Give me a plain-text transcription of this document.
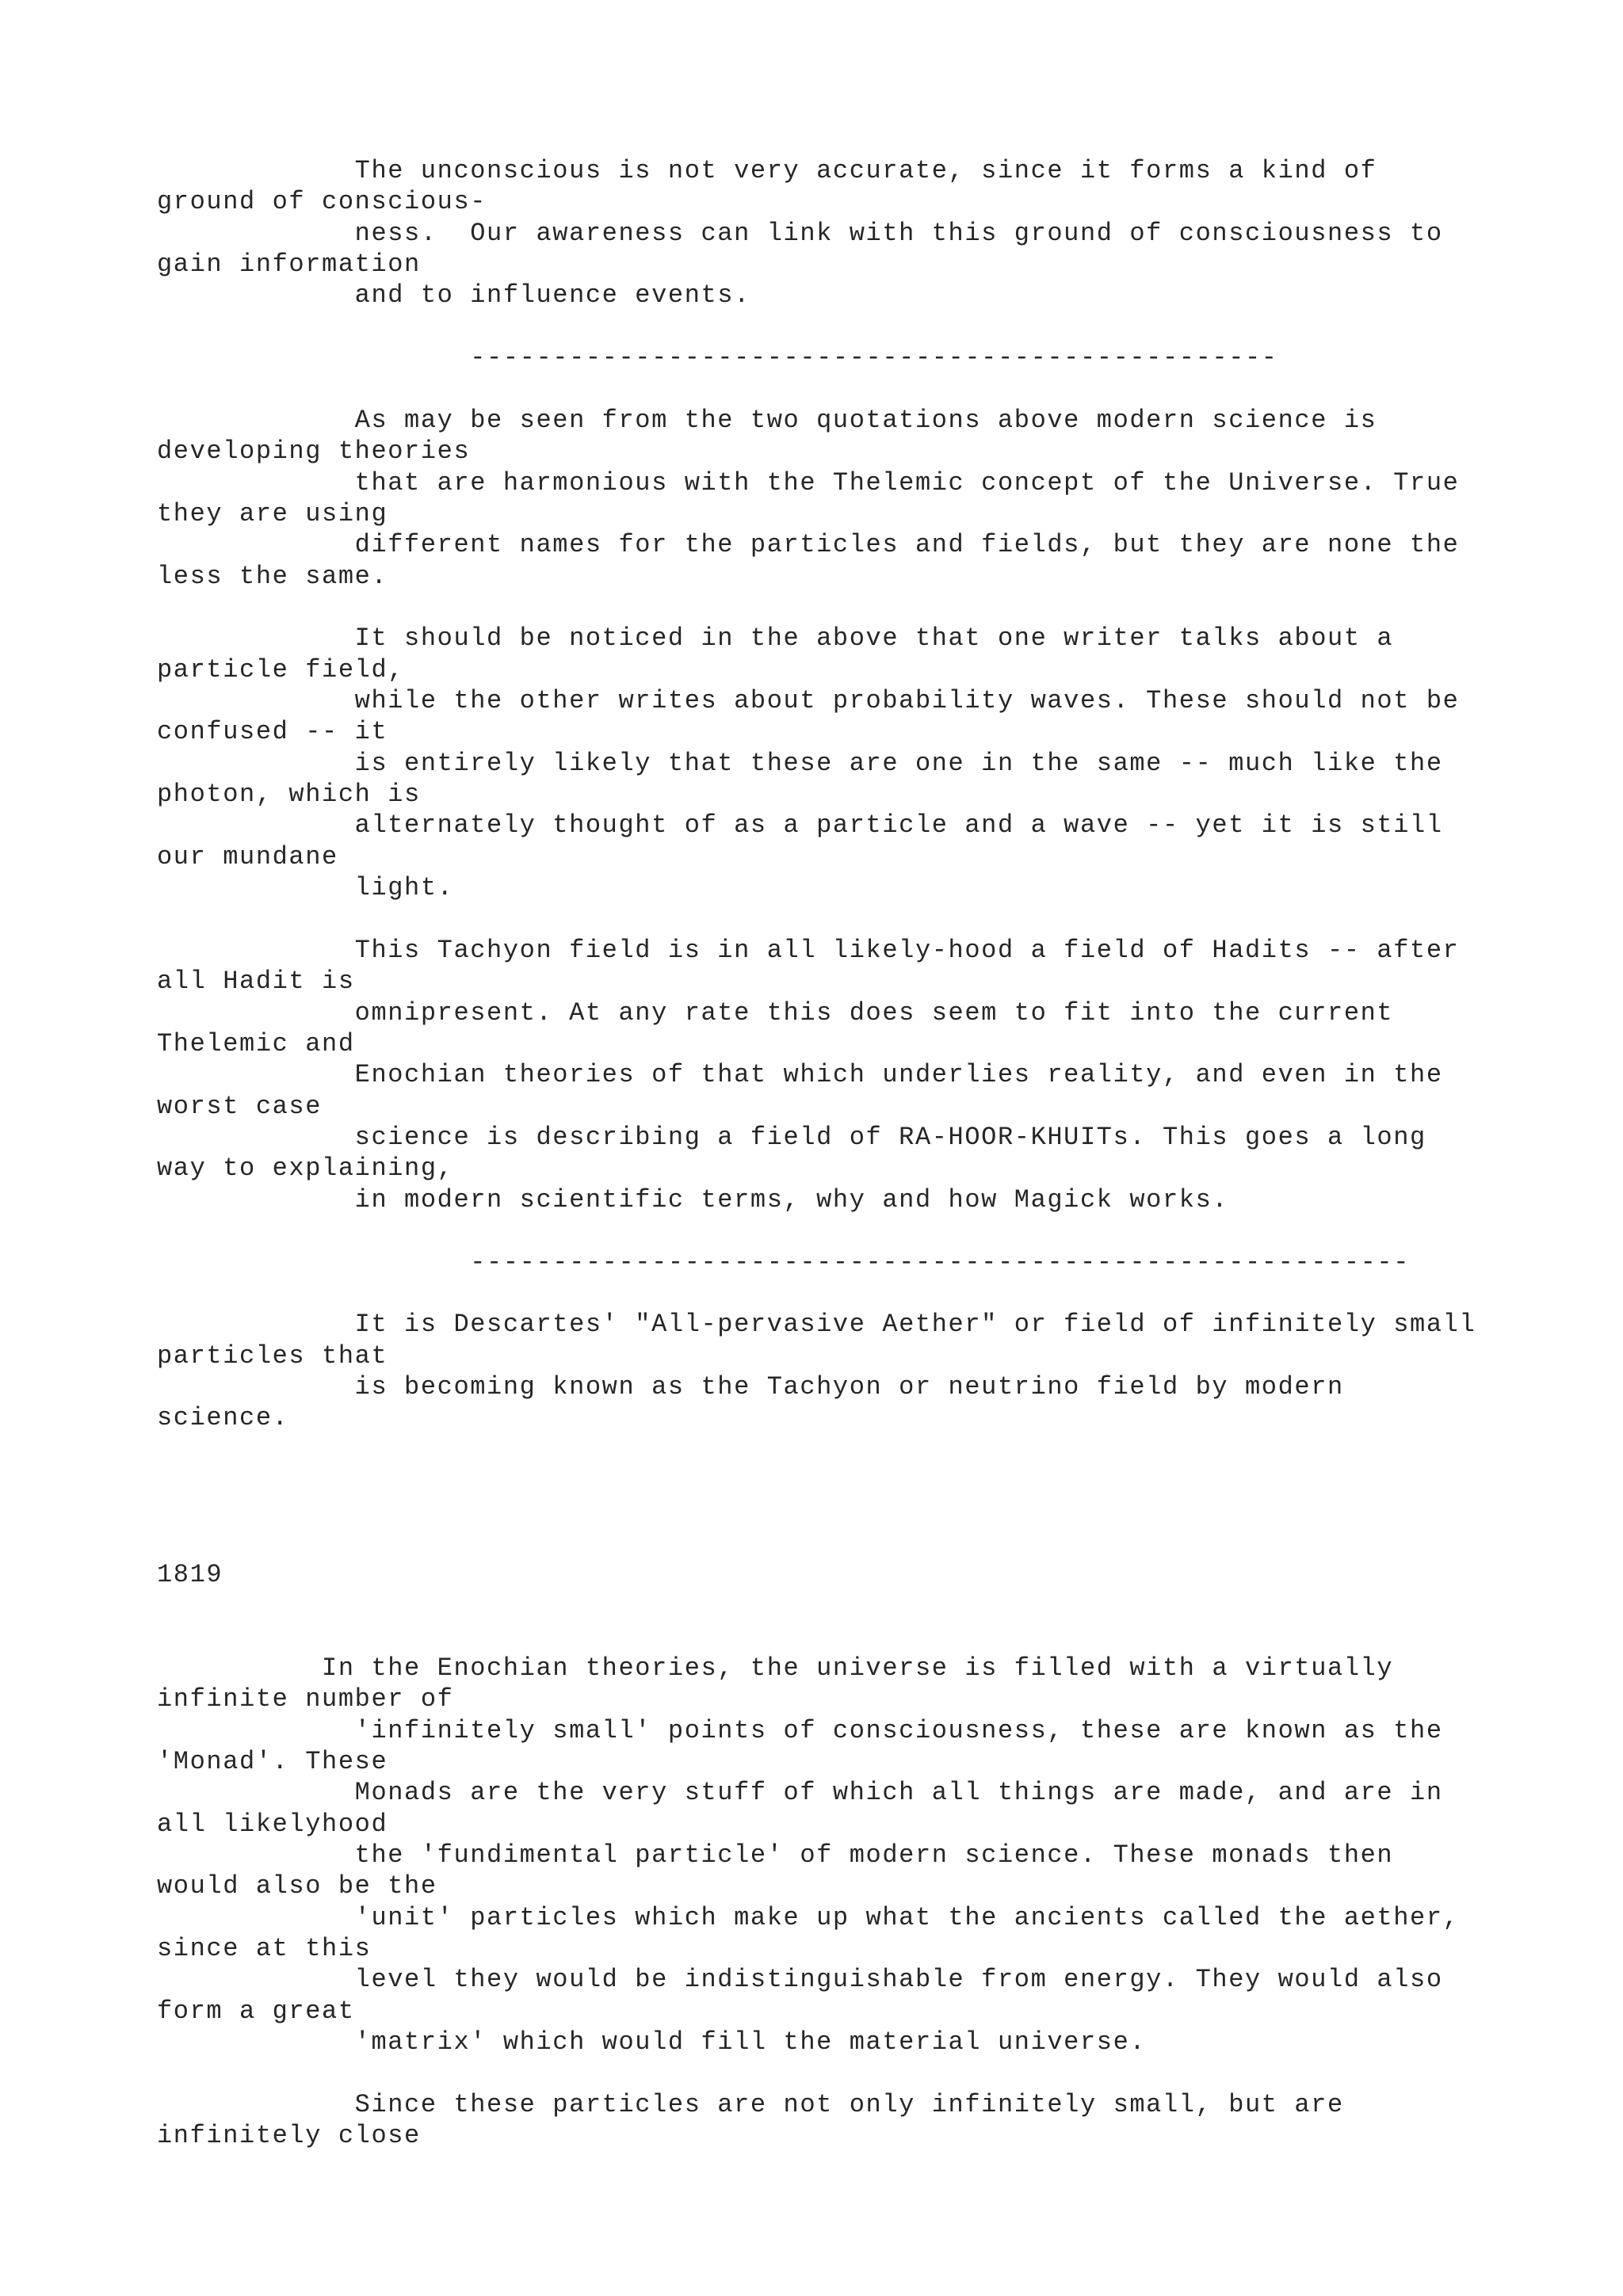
The unconscious is not very accurate, since it forms a kind of
ground of conscious-
ness.  Our awareness can link with this ground of consciousness to
gain information
and to influence events.
-------------------------------------------------
As may be seen from the two quotations above modern science is
developing theories
that are harmonious with the Thelemic concept of the Universe. True
they are using
different names for the particles and fields, but they are none the
less the same.
It should be noticed in the above that one writer talks about a
particle field,
while the other writes about probability waves. These should not be
confused -- it
is entirely likely that these are one in the same -- much like the
photon, which is
alternately thought of as a particle and a wave -- yet it is still
our mundane
light.
This Tachyon field is in all likely-hood a field of Hadits -- after
all Hadit is
omnipresent. At any rate this does seem to fit into the current
Thelemic and
Enochian theories of that which underlies reality, and even in the
worst case
science is describing a field of RA-HOOR-KHUITs. This goes a long
way to explaining,
in modern scientific terms, why and how Magick works.
---------------------------------------------------------
It is Descartes' "All-pervasive Aether" or field of infinitely small
particles that
is becoming known as the Tachyon or neutrino field by modern
science.
1819
In the Enochian theories, the universe is filled with a virtually
infinite number of
'infinitely small' points of consciousness, these are known as the
'Monad'. These
Monads are the very stuff of which all things are made, and are in
all likelyhood
the 'fundimental particle' of modern science. These monads then
would also be the
'unit' particles which make up what the ancients called the aether,
since at this
level they would be indistinguishable from energy. They would also
form a great
'matrix' which would fill the material universe.
Since these particles are not only infinitely small, but are
infinitely close
